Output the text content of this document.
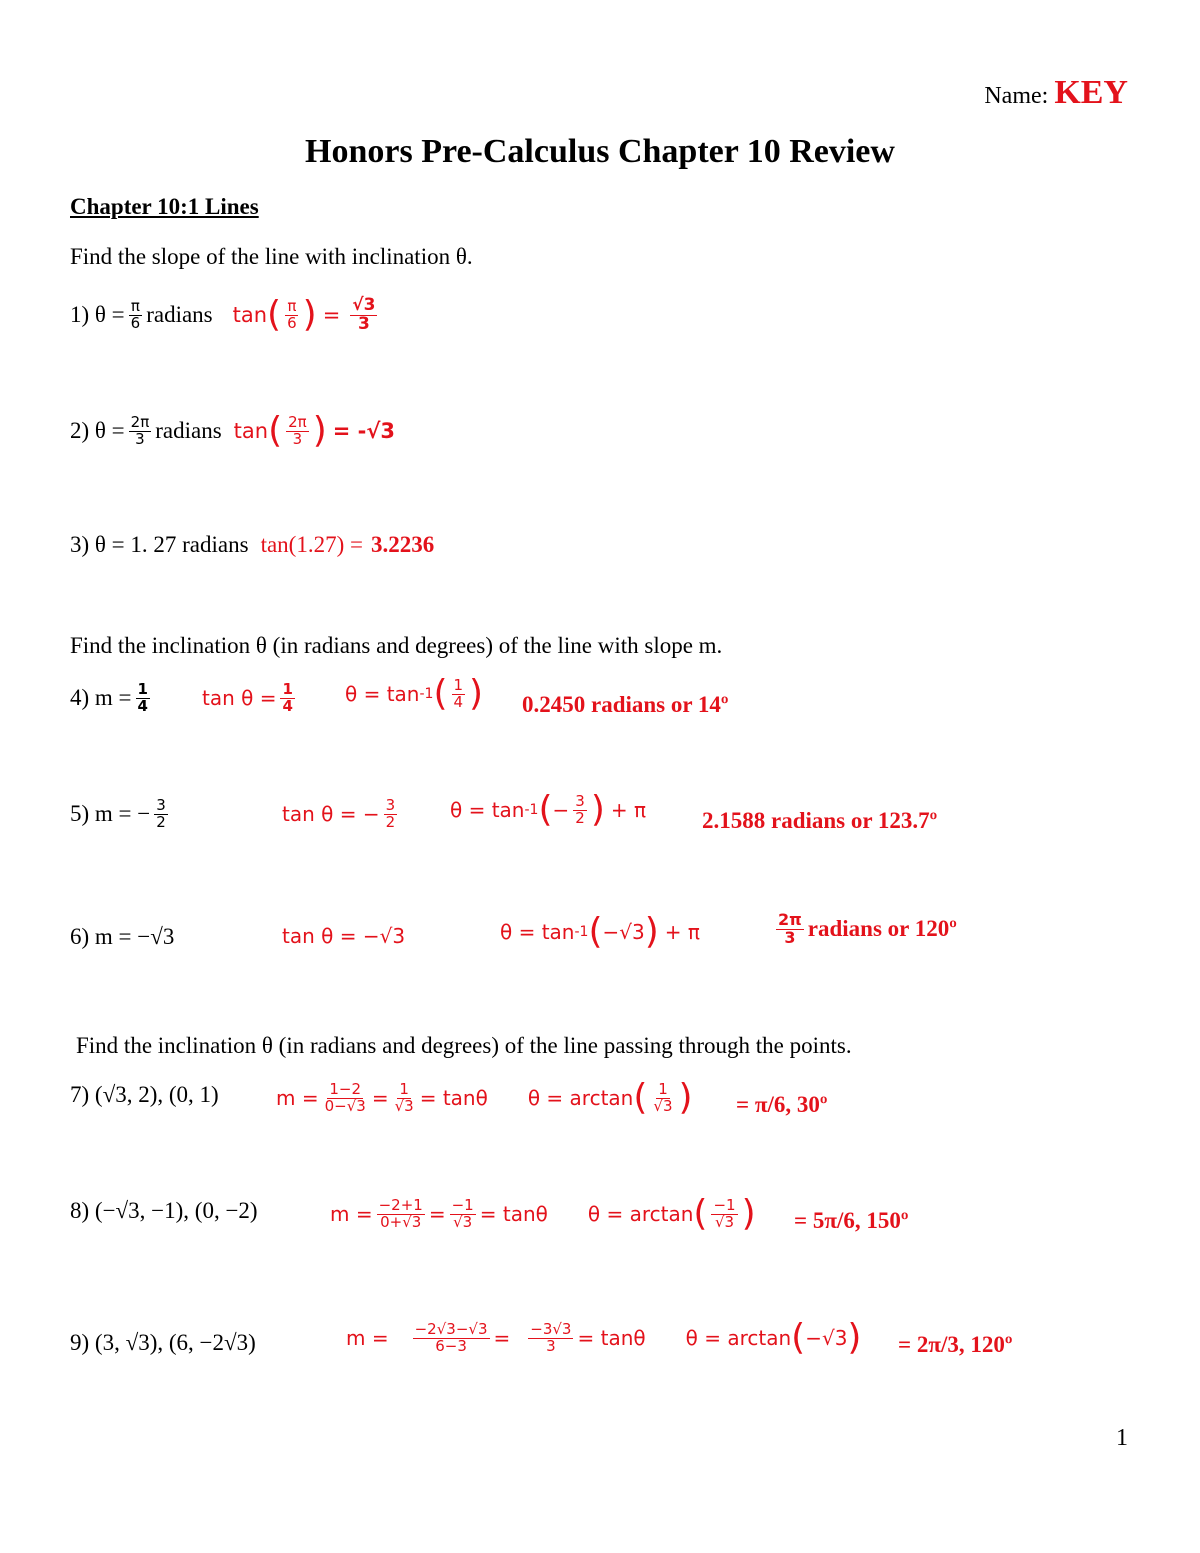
Name: KEY
Honors Pre-Calculus Chapter 10 Review
Chapter 10:1 Lines
Find the slope of the line with inclination θ.
1) $\theta = \frac{\pi}{6}$ radians tan ( $\frac{\pi}{6}$ ) = $\frac{√3}{3}$
2) $\theta = \frac{2\pi}{3}$ radians tan ( $\frac{2\pi}{3}$ ) = -√3
3) θ = 1. 27 radians tan(1.27) = 3.2236
Find the inclination θ (in radians and degrees) of the line with slope m.
4) $m = \frac{1}{4}$	$\tan \theta = \frac{1}{4}$	θ = tan -1 ( $\frac{1}{4}$ ) 0.2450 radians or 14º
5) m = − $\frac{3}{2}$	tan θ = − $\frac{3}{2}$	θ = tan -1 ( − $\frac{3}{2}$ ) + π 2.1588 radians or 123.7º
6) m = −√3	tan θ = −√3	θ = tan -1 ( −√3 ) + π	$\frac{2\pi}{3}$ radians or 120º
Find the inclination θ (in radians and degrees) of the line passing through the points.
7) (√3, 2), (0, 1)	$m = \frac{1-2}{0-√3} = \frac{1}{√3} = \tan\theta$ θ = arctan ( $\frac{1}{√3}$ ) = π/6, 30º
8) (−√3, −1), (0, −2)	$m = \frac{-2+1}{0+√3} = \frac{-1}{√3} = \tan\theta$ θ = arctan ( $\frac{-1}{√3}$ ) = 5π/6, 150º
9) (3, √3), (6, −2√3)	$m = \frac{-2√3-√3}{6-3} = \frac{-3√3}{3} = \tan\theta$ θ = arctan ( −√3 ) = 2π/3, 120º
1
